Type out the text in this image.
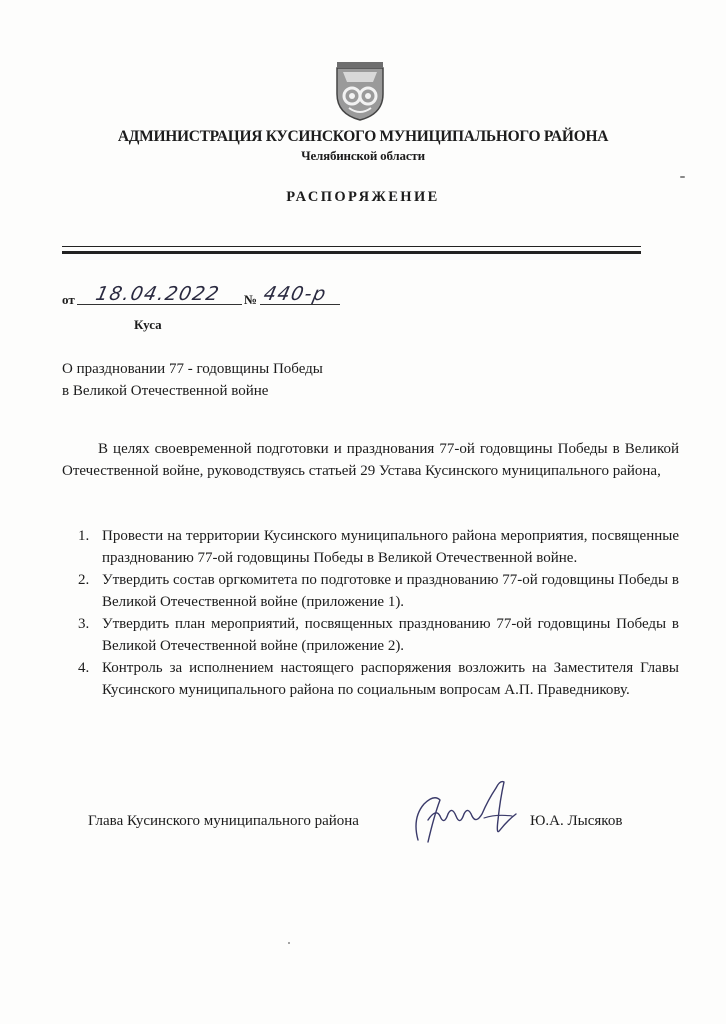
АДМИНИСТРАЦИЯ КУСИНСКОГО МУНИЦИПАЛЬНОГО РАЙОНА
Челябинской области
РАСПОРЯЖЕНИЕ
от 18.04.2022 № 440-р
Куса
О праздновании 77 - годовщины Победы
в Великой Отечественной войне
В целях своевременной подготовки и празднования 77-ой годовщины Победы в Великой Отечественной войне, руководствуясь статьей 29 Устава Кусинского муниципального района,
1. Провести на территории Кусинского муниципального района мероприятия, посвященные празднованию 77-ой годовщины Победы в Великой Отечественной войне.
2. Утвердить состав оргкомитета по подготовке и празднованию 77-ой годовщины Победы в Великой Отечественной войне (приложение 1).
3. Утвердить план мероприятий, посвященных празднованию 77-ой годовщины Победы в Великой Отечественной войне (приложение 2).
4. Контроль за исполнением настоящего распоряжения возложить на Заместителя Главы Кусинского муниципального района по социальным вопросам А.П. Праведникову.
Глава Кусинского муниципального района	Ю.А. Лысяков
